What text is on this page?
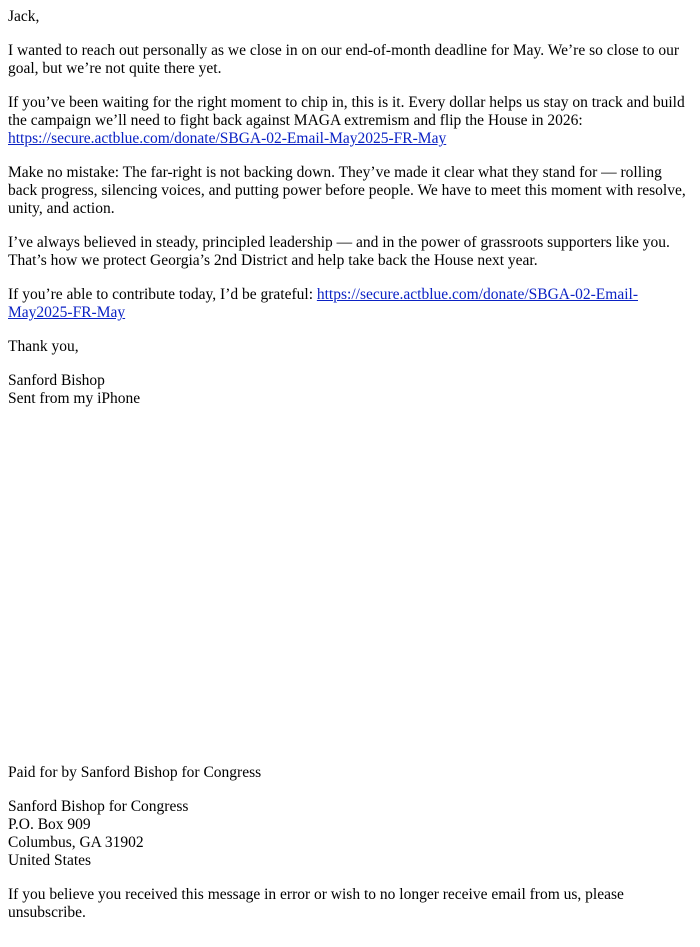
Jack,

I wanted to reach out personally as we close in on our end-of-month deadline for May. We’re so close to our goal, but we’re not quite there yet.

If you’ve been waiting for the right moment to chip in, this is it. Every dollar helps us stay on track and build the campaign we’ll need to fight back against MAGA extremism and flip the House in 2026: https://secure.actblue.com/donate/SBGA-02-Email-May2025-FR-May

Make no mistake: The far-right is not backing down. They’ve made it clear what they stand for — rolling back progress, silencing voices, and putting power before people. We have to meet this moment with resolve, unity, and action.

I’ve always believed in steady, principled leadership — and in the power of grassroots supporters like you. That’s how we protect Georgia’s 2nd District and help take back the House next year.

If you’re able to contribute today, I’d be grateful: https://secure.actblue.com/donate/SBGA-02-Email-May2025-FR-May

Thank you,

Sanford Bishop
Sent from my iPhone

Paid for by Sanford Bishop for Congress

Sanford Bishop for Congress
P.O. Box 909
Columbus, GA 31902
United States

If you believe you received this message in error or wish to no longer receive email from us, please unsubscribe.
